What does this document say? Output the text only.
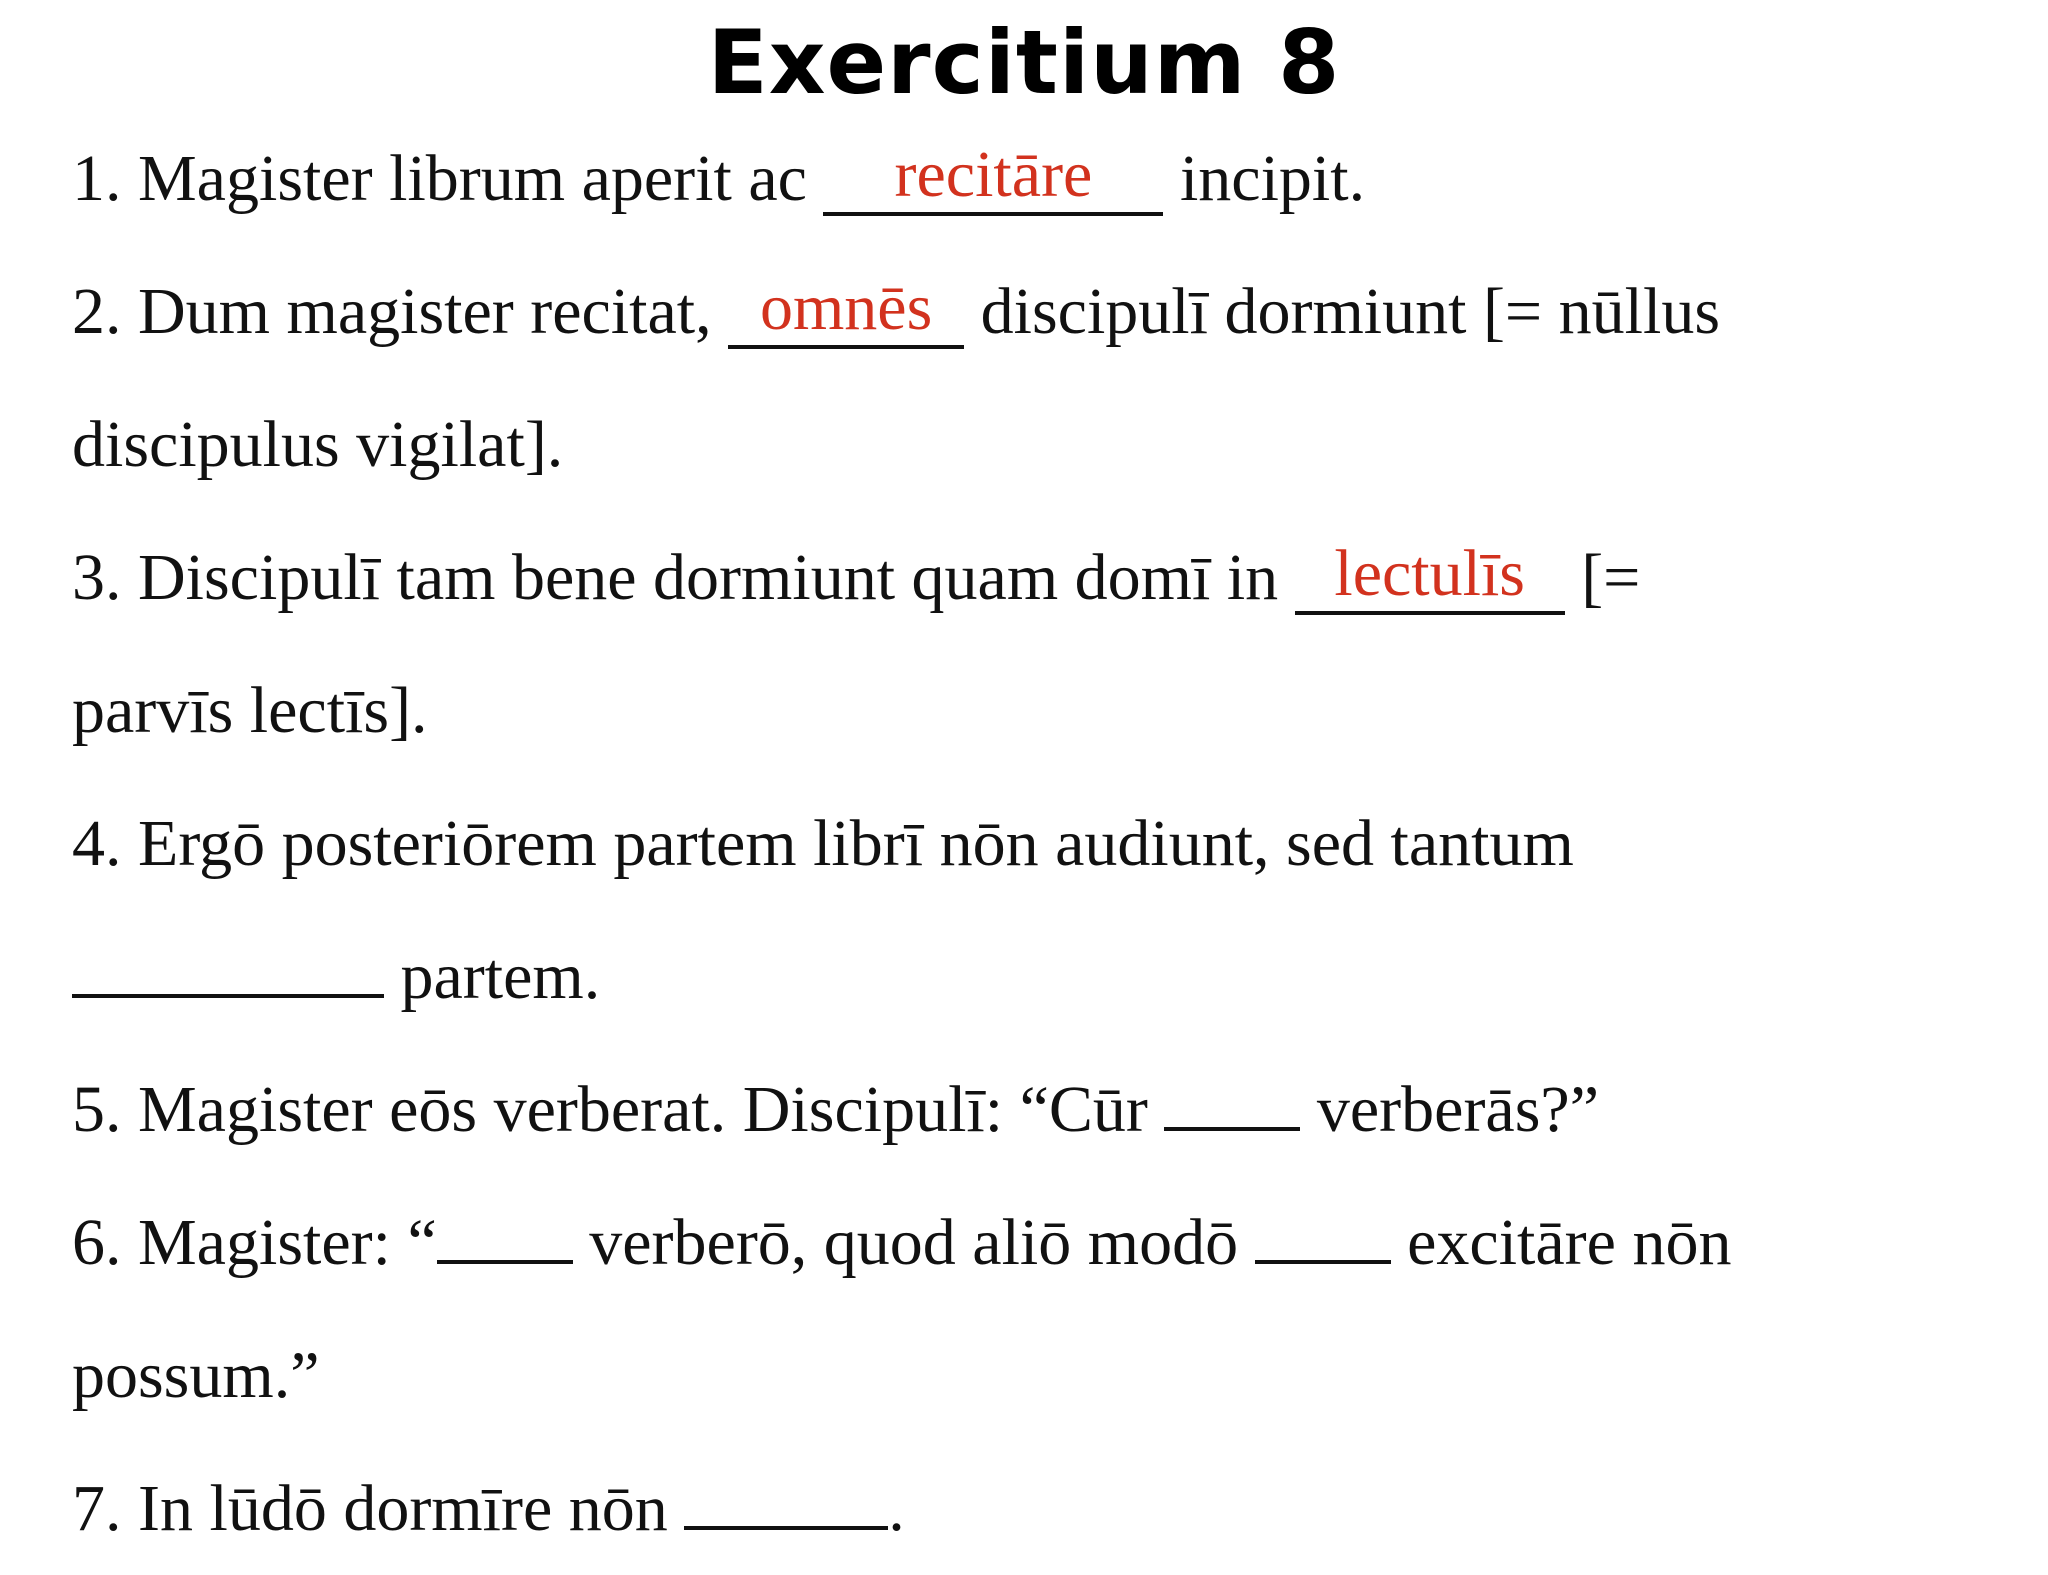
Exercitium 8
1. Magister librum aperit ac recitāre incipit.
2. Dum magister recitat, omnēs discipulī dormiunt [= nūllus
discipulus vigilat].
3. Discipulī tam bene dormiunt quam domī in lectulīs [=
parvīs lectīs].
4. Ergō posteriōrem partem librī nōn audiunt, sed tantum
partem.
5. Magister eōs verberat. Discipulī: “Cūr  verberās?”
6. Magister: “ verberō, quod aliō modō  excitāre nōn
possum.”
7. In lūdō dormīre nōn	.
